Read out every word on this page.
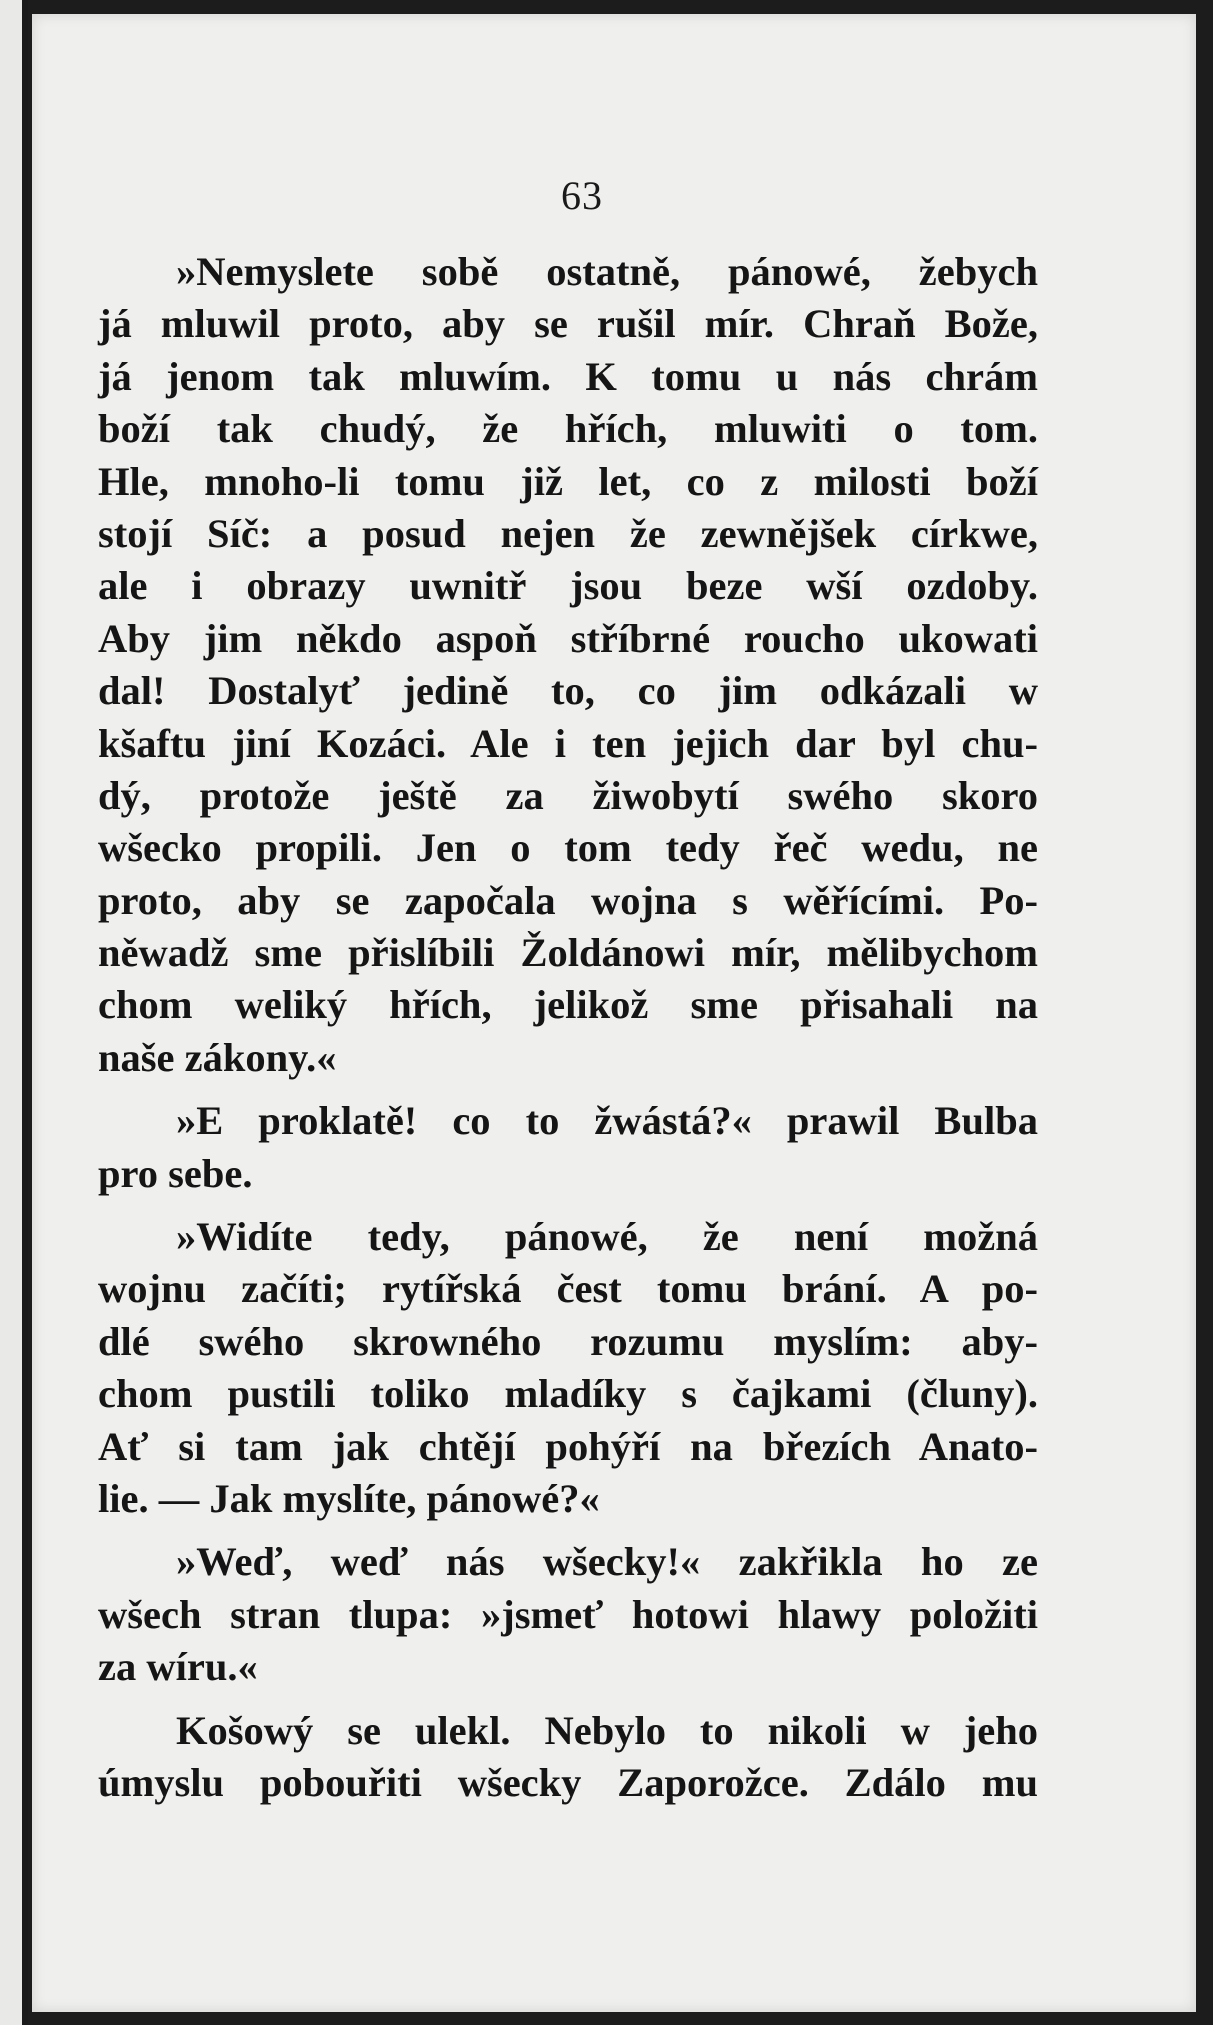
63
»Nemyslete sobě ostatně, pánowé, žebych
já mluwil proto, aby se rušil mír. Chraň Bože,
já jenom tak mluwím. K tomu u nás chrám
boží tak chudý, že hřích, mluwiti o tom.
Hle, mnoho-li tomu již let, co z milosti boží
stojí Síč: a posud nejen že zewnějšek církwe,
ale i obrazy uwnitř jsou beze wší ozdoby.
Aby jim někdo aspoň stříbrné roucho ukowati
dal! Dostalyť jedině to, co jim odkázali w
kšaftu jiní Kozáci. Ale i ten jejich dar byl chu-
dý, protože ještě za žiwobytí swého skoro
wšecko propili. Jen o tom tedy řeč wedu, ne
proto, aby se započala wojna s wěřícími. Po-
něwadž sme přislíbili Žoldánowi mír, mělibychom
chom weliký hřích, jelikož sme přisahali na
naše zákony.«
»E proklatě! co to žwástá?« prawil Bulba
pro sebe.
»Widíte tedy, pánowé, že není možná
wojnu začíti; rytířská čest tomu brání. A po-
dlé swého skrowného rozumu myslím: aby-
chom pustili toliko mladíky s čajkami (čluny).
Ať si tam jak chtějí pohýří na březích Anato-
lie. — Jak myslíte, pánowé?«
»Weď, weď nás wšecky!« zakřikla ho ze
wšech stran tlupa: »jsmeť hotowi hlawy položiti
za wíru.«
Košowý se ulekl. Nebylo to nikoli w jeho
úmyslu pobouřiti wšecky Zaporožce. Zdálo mu
